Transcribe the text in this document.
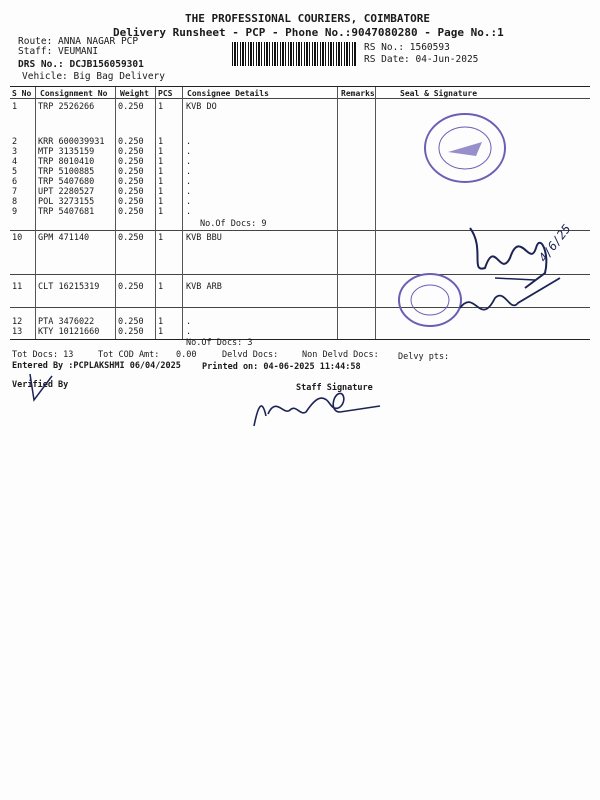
THE PROFESSIONAL COURIERS, COIMBATORE
Delivery Runsheet - PCP - Phone No.:9047080280 - Page No.:1
Route: ANNA NAGAR PCP
Staff: VEUMANI
DRS No.: DCJB156059301
Vehicle: Big Bag Delivery
RS No.: 1560593
RS Date: 04-Jun-2025
S No Consignment No Weight PCS Consignee Details	Remarks	Seal & Signature
1 TRP 2526266	0.250 1	KVB DO
2 KRR 600039931 0.250 1	.
3 MTP 3135159	0.250 1	.
4 TRP 8010410	0.250 1	.
5 TRP 5100885	0.250 1	.
6 TRP 5407680	0.250 1	.
7 UPT 2280527	0.250 1	.
8 POL 3273155	0.250 1	.
9 TRP 5407681	0.250 1	.
No.Of Docs: 9
10 GPM 471140	0.250 1	KVB BBU
11 CLT 16215319 0.250 1	KVB ARB
12 PTA 3476022	0.250 1	.
13 KTY 10121660 0.250 1	.
No.Of Docs: 3
4/6/25
Tot Docs: 13	Tot COD Amt: 0.00	Delvd Docs:	Non Delvd Docs: Delvy pts:
Entered By :PCPLAKSHMI 06/04/2025 Printed on: 04-06-2025 11:44:58
Verified By	Staff Signature
